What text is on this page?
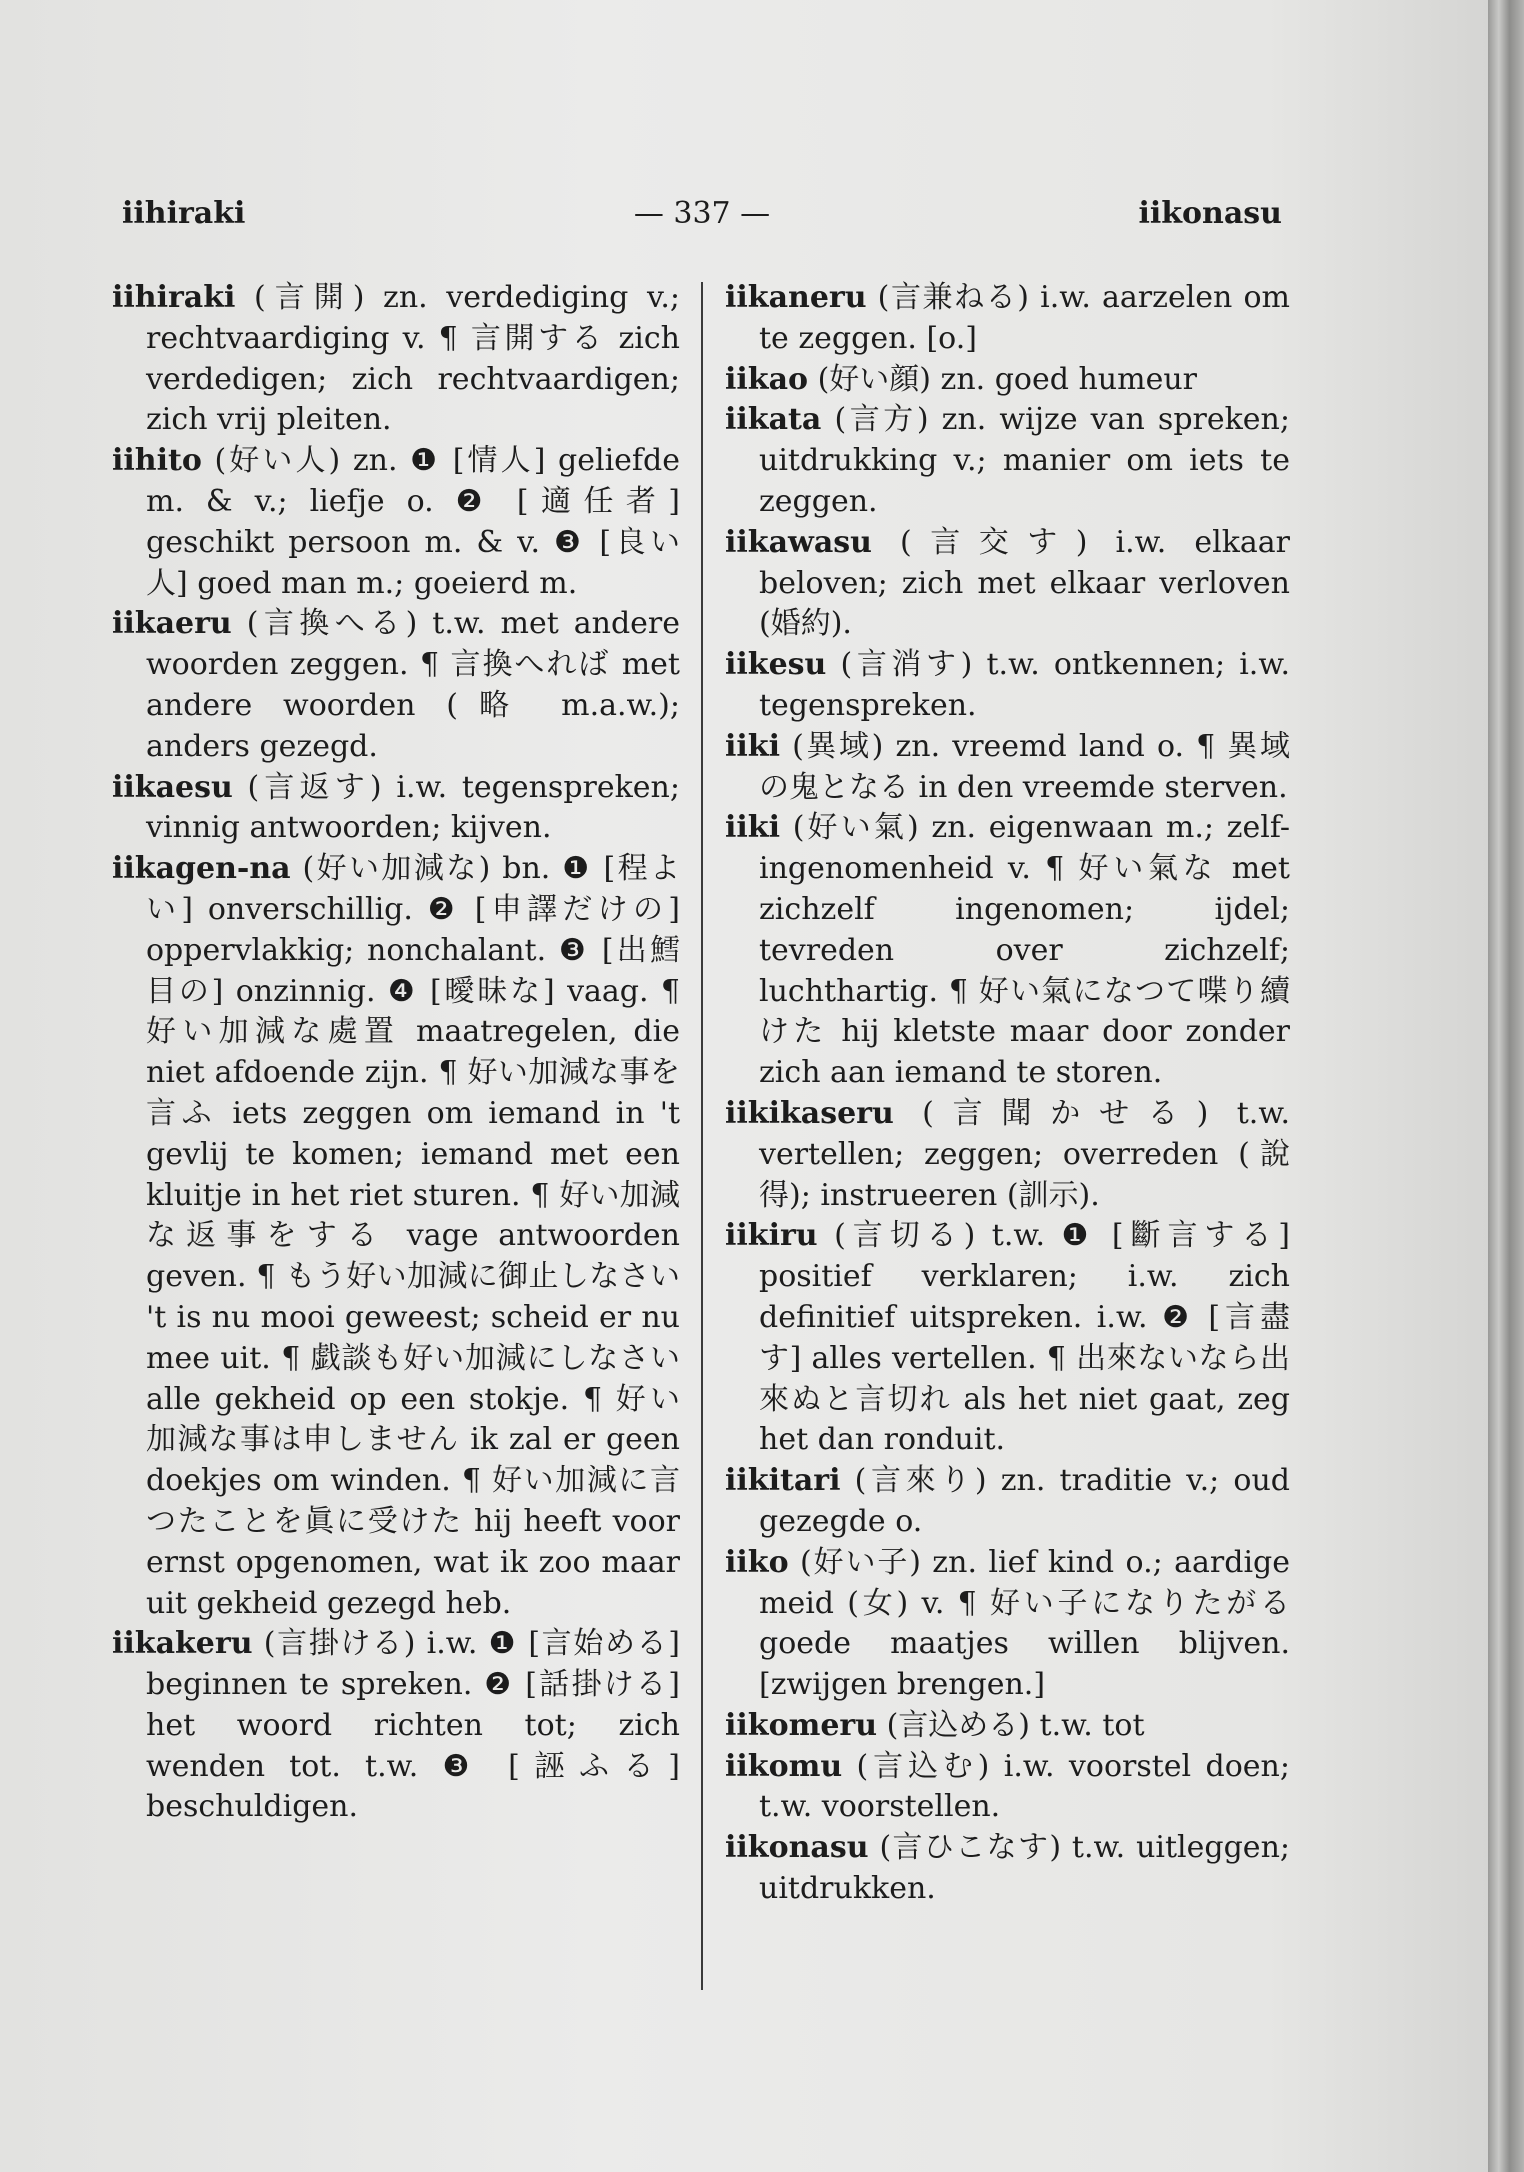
iihiraki	— 337 —	iikonasu

iihiraki (言開) zn. verdediging v.; rechtvaardiging v. ¶ 言開する zich verdedigen; zich rechtvaardigen; zich vrij pleiten.

iihito (好い人) zn. ❶ [情人] geliefde m. & v.; liefje o. ❷ [適任者] geschikt persoon m. & v. ❸ [良い人] goed man m.; goeierd m.

iikaeru (言換へる) t.w. met andere woorden zeggen. ¶ 言換へれば met andere woorden (略 m.a.w.); anders gezegd.

iikaesu (言返す) i.w. tegenspreken; vinnig antwoorden; kijven.

iikagen-na (好い加減な) bn. ❶ [程よい] onverschillig. ❷ [申譯だけの] oppervlakkig; nonchalant. ❸ [出鱈目の] onzinnig. ❹ [曖昧な] vaag. ¶ 好い加減な處置 maatregelen, die niet afdoende zijn. ¶ 好い加減な事を言ふ iets zeggen om iemand in 't gevlij te komen; iemand met een kluitje in het riet sturen. ¶ 好い加減な返事をする vage antwoorden geven. ¶ もう好い加減に御止しなさい 't is nu mooi geweest; scheid er nu mee uit. ¶ 戯談も好い加減にしなさい alle gekheid op een stokje. ¶ 好い加減な事は申しません ik zal er geen doekjes om winden. ¶ 好い加減に言つたことを眞に受けた hij heeft voor ernst opgenomen, wat ik zoo maar uit gekheid gezegd heb.

iikakeru (言掛ける) i.w. ❶ [言始める] beginnen te spreken. ❷ [話掛ける] het woord richten tot; zich wenden tot. t.w. ❸ [誣ふる] beschuldigen.

iikaneru (言兼ねる) i.w. aarzelen om te zeggen. [o.]

iikao (好い顔) zn. goed humeur

iikata (言方) zn. wijze van spreken; uitdrukking v.; manier om iets te zeggen.

iikawasu (言交す) i.w. elkaar beloven; zich met elkaar verloven (婚約).

iikesu (言消す) t.w. ontkennen; i.w. tegenspreken.

iiki (異域) zn. vreemd land o. ¶ 異域の鬼となる in den vreemde sterven.

iiki (好い氣) zn. eigenwaan m.; zelf-ingenomenheid v. ¶ 好い氣な met zichzelf ingenomen; ijdel; tevreden over zichzelf; luchthartig. ¶ 好い氣になつて喋り續けた hij kletste maar door zonder zich aan iemand te storen.

iikikaseru (言聞かせる) t.w. vertellen; zeggen; overreden (說得); instrueeren (訓示).

iikiru (言切る) t.w. ❶ [斷言する] positief verklaren; i.w. zich definitief uitspreken. i.w. ❷ [言盡す] alles vertellen. ¶ 出來ないなら出來ぬと言切れ als het niet gaat, zeg het dan ronduit.

iikitari (言來り) zn. traditie v.; oud gezegde o.

iiko (好い子) zn. lief kind o.; aardige meid (女) v. ¶ 好い子になりたがる goede maatjes willen blijven. [zwijgen brengen.]

iikomeru (言込める) t.w. tot

iikomu (言込む) i.w. voorstel doen; t.w. voorstellen.

iikonasu (言ひこなす) t.w. uitleggen; uitdrukken.
